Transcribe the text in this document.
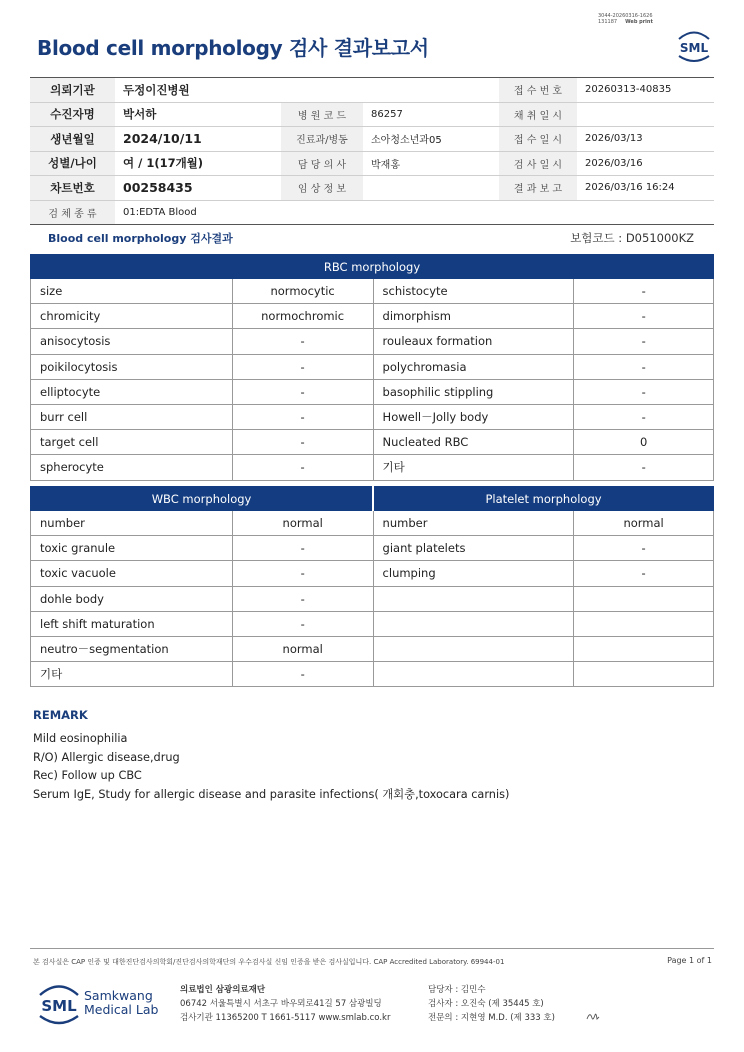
3044-20260316-1626
131187 Web print
Blood cell morphology 검사 결과보고서	SML
의뢰기관	두정이진병원			접 수 번 호	20260313-40835
수진자명	박서하	병 원 코 드	86257	채 취 일 시	
생년월일	2024/10/11	진료과/병동	소아청소년과05	접 수 일 시	2026/03/13
성별/나이	여 / 1(17개월)	담 당 의 사	박재홍	검 사 일 시	2026/03/16
차트번호	00258435	임 상 정 보		결 과 보 고	2026/03/16 16:24
검 체 종 류	01:EDTA Blood				
Blood cell morphology 검사결과	보험코드 : D051000KZ
RBC morphology			
size	normocytic	schistocyte	-
chromicity	normochromic	dimorphism	-
anisocytosis	-	rouleaux formation	-
poikilocytosis	-	polychromasia	-
elliptocyte	-	basophilic stippling	-
burr cell	-	Howell－Jolly body	-
target cell	-	Nucleated RBC	0
spherocyte	-	기타	-
WBC morphology		Platelet morphology	
number	normal	number	normal
toxic granule	-	giant platelets	-
toxic vacuole	-	clumping	-
dohle body	-		
left shift maturation	-		
neutro－segmentation	normal		
기타	-		
REMARK
Mild eosinophilia
R/O) Allergic disease,drug
Rec) Follow up CBC
Serum IgE, Study for allergic disease and parasite infections( 개회충,toxocara carnis)
본 검사실은 CAP 인증 및 대한진단검사의학회/진단검사의학재단의 우수검사실 신임 인증을 받은 검사실입니다. CAP Accredited Laboratory. 69944-01	Page 1 of 1
SML
Samkwang
Medical Lab
의료법인 삼광의료재단
06742 서울특별시 서초구 바우뫼로41길 57 삼광빌딩
검사기관 11365200 T 1661-5117 www.smlab.co.kr
담당자 : 김민수
검사자 : 오진숙 (제 35445 호)
전문의 : 지현영 M.D. (제 333 호)
